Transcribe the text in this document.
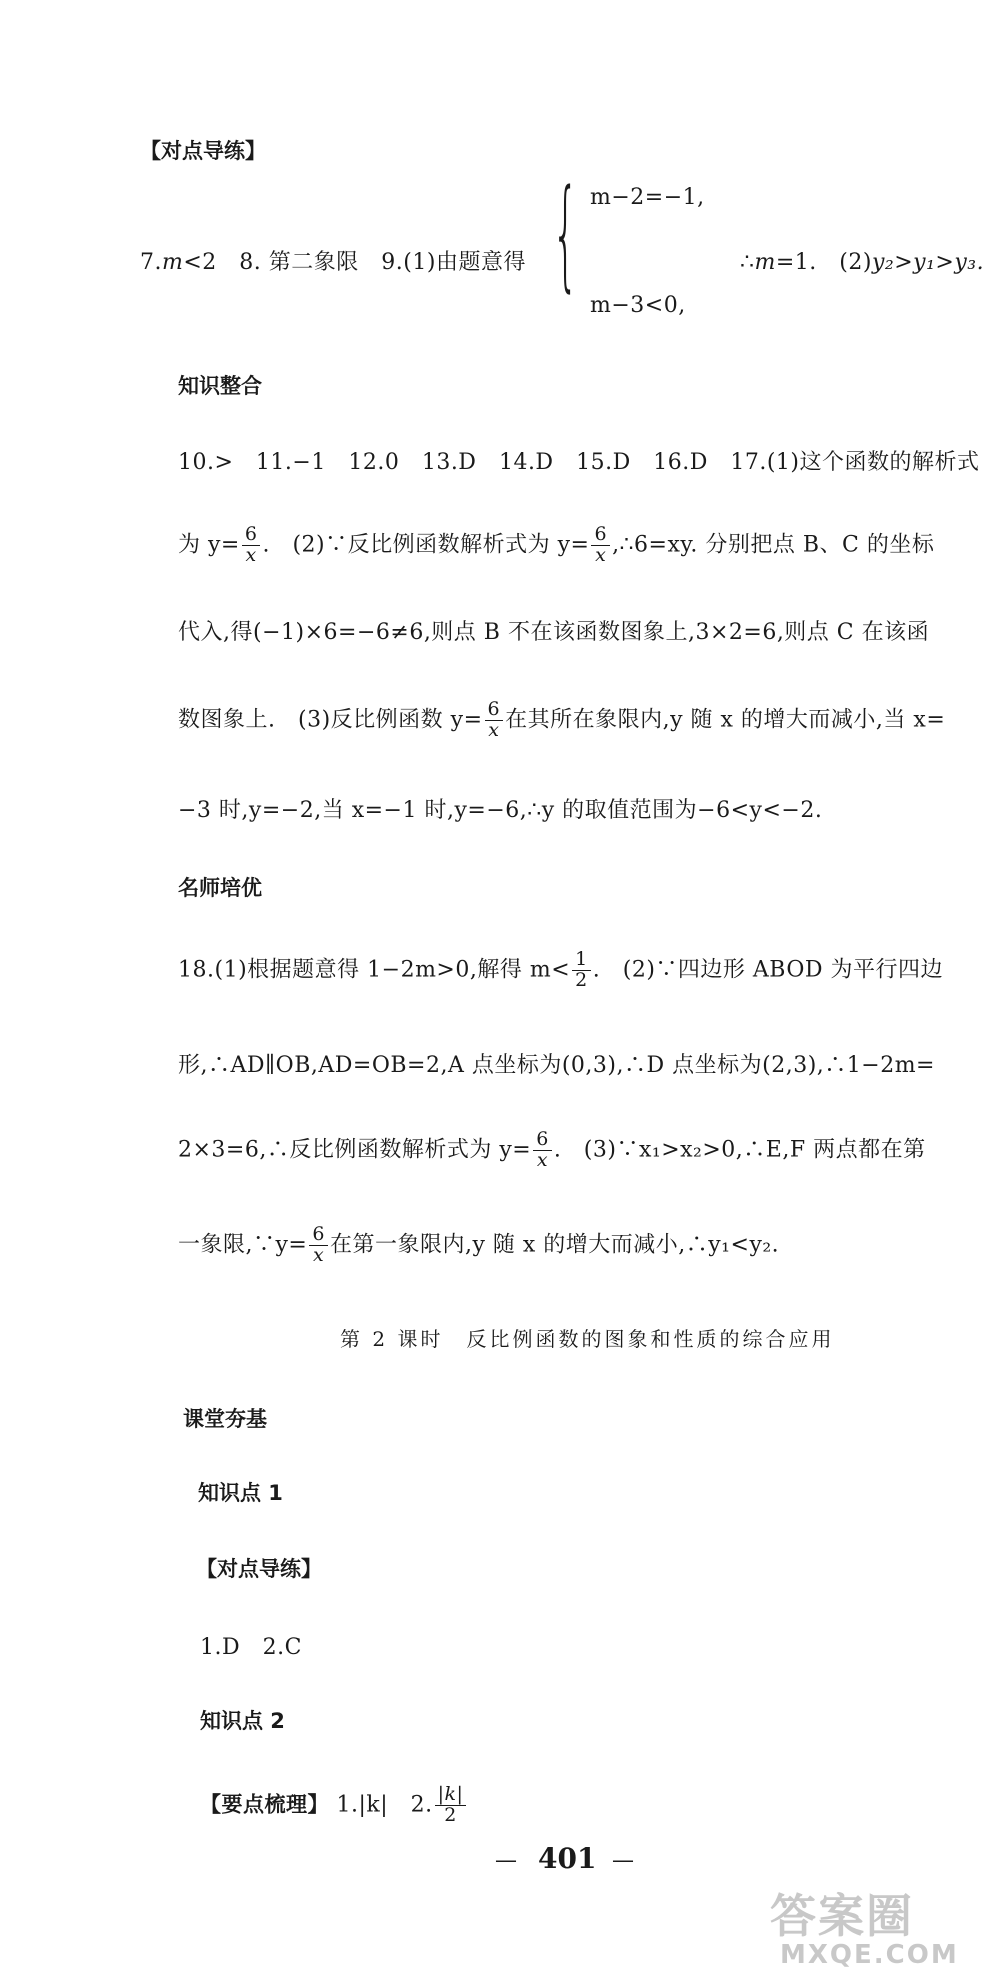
【对点导练】
7.m<2　8. 第二象限　9.(1)由题意得 { m−2=−1,
m−3<0,
∴m=1.　(2)y₂>y₁>y₃.
知识整合
10.>　11.−1　12.0　13.D　14.D　15.D　16.D　17.(1)这个函数的解析式
为 $y= \frac{6}{x}$ .　(2)∵反比例函数解析式为 $y= \frac{6}{x}$ ,∴6=xy. 分别把点 B、C 的坐标
代入,得(−1)×6=−6≠6,则点 B 不在该函数图象上,3×2=6,则点 C 在该函
数图象上.　(3)反比例函数 $y= \frac{6}{x}$ 在其所在象限内,y 随 x 的增大而减小,当 x=
−3 时,y=−2,当 x=−1 时,y=−6,∴y 的取值范围为−6<y<−2.
名师培优
18.(1)根据题意得 1−2m>0,解得 $m< \frac{1}{2}$ .　(2)∵四边形 ABOD 为平行四边
形,∴AD∥OB,AD=OB=2,A 点坐标为(0,3),∴D 点坐标为(2,3),∴1−2m=
2×3=6,∴反比例函数解析式为 $y= \frac{6}{x}$ .　(3)∵x₁>x₂>0,∴E,F 两点都在第
一象限,∵y= $\frac{6}{x}$ 在第一象限内,y 随 x 的增大而减小,∴y₁<y₂.
第 2 课时　反比例函数的图象和性质的综合应用
课堂夯基
知识点 1
【对点导练】
1.D　2.C
知识点 2
【要点梳理】 1.|k|　2. $\frac{|k|}{2}$
— 401 —
答案圈
MXQE.COM
